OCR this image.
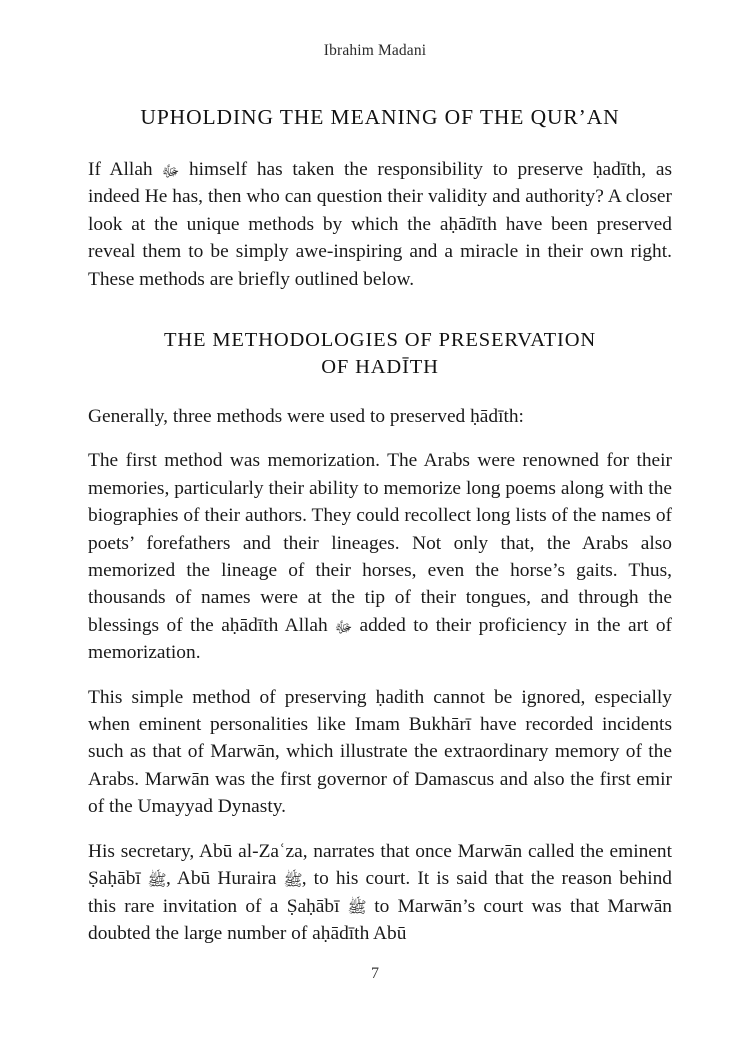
Ibrahim Madani
UPHOLDING THE MEANING OF THE QUR’AN

If Allah ﷻ himself has taken the responsibility to preserve ḥadīth, as indeed He has, then who can question their validity and authority? A closer look at the unique methods by which the aḥādīth have been preserved reveal them to be simply awe-inspiring and a miracle in their own right. These methods are briefly outlined below.

THE METHODOLOGIES OF PRESERVATION
OF HADĪTH

Generally, three methods were used to preserved ḥādīth:

The first method was memorization. The Arabs were renowned for their memories, particularly their ability to memorize long poems along with the biographies of their authors. They could recollect long lists of the names of poets’ forefathers and their lineages. Not only that, the Arabs also memorized the lineage of their horses, even the horse’s gaits. Thus, thousands of names were at the tip of their tongues, and through the blessings of the aḥādīth Allah ﷻ added to their proficiency in the art of memorization.

This simple method of preserving ḥadith cannot be ignored, especially when eminent personalities like Imam Bukhārī have recorded incidents such as that of Marwān, which illustrate the extraordinary memory of the Arabs. Marwān was the first governor of Damascus and also the first emir of the Umayyad Dynasty.

His secretary, Abū al-Zaʿza, narrates that once Marwān called the eminent Ṣaḥābī ﷺ, Abū Huraira ﷺ, to his court. It is said that the reason behind this rare invitation of a Ṣaḥābī ﷺ to Marwān’s court was that Marwān doubted the large number of aḥādīth Abū

7
